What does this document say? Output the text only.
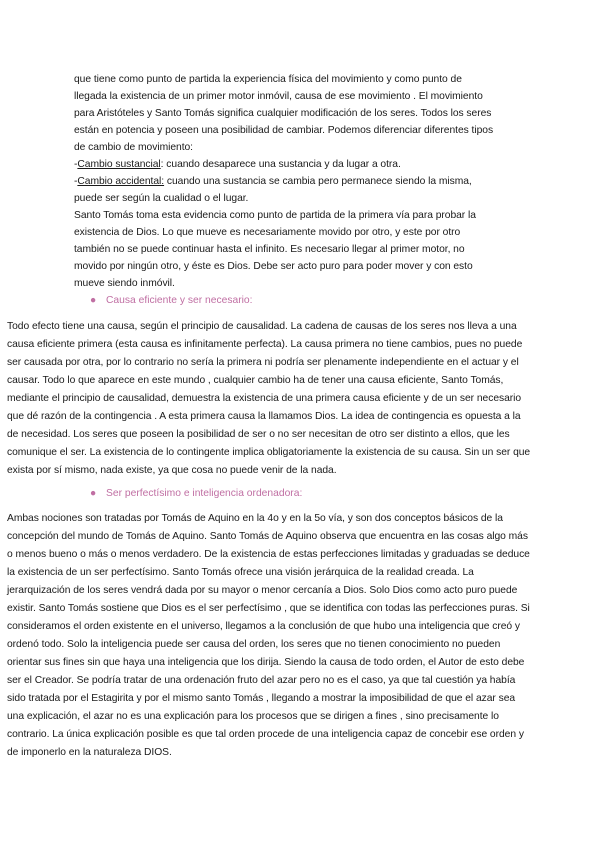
que tiene como punto de partida la experiencia física del movimiento y como punto de
llegada la existencia de un primer motor inmóvil, causa de ese movimiento . El movimiento
para Aristóteles y Santo Tomás significa cualquier modificación de los seres. Todos los seres
están en potencia y poseen una posibilidad de cambiar. Podemos diferenciar diferentes tipos
de cambio de movimiento:
-Cambio sustancial: cuando desaparece una sustancia y da lugar a otra.
-Cambio accidental: cuando una sustancia se cambia pero permanece siendo la misma,
puede ser según la cualidad o el lugar.
Santo Tomás toma esta evidencia como punto de partida de la primera vía para probar la
existencia de Dios. Lo que mueve es necesariamente movido por otro, y este por otro
también no se puede continuar hasta el infinito. Es necesario llegar al primer motor, no
movido por ningún otro, y éste es Dios. Debe ser acto puro para poder mover y con esto
mueve siendo inmóvil.
● Causa eficiente y ser necesario:
Todo efecto tiene una causa, según el principio de causalidad. La cadena de causas de los seres nos lleva a una
causa eficiente primera (esta causa es infinitamente perfecta). La causa primera no tiene cambios, pues no puede
ser causada por otra, por lo contrario no sería la primera ni podría ser plenamente independiente en el actuar y el
causar. Todo lo que aparece en este mundo , cualquier cambio ha de tener una causa eficiente, Santo Tomás,
mediante el principio de causalidad, demuestra la existencia de una primera causa eficiente y de un ser necesario
que dé razón de la contingencia . A esta primera causa la llamamos Dios. La idea de contingencia es opuesta a la
de necesidad. Los seres que poseen la posibilidad de ser o no ser necesitan de otro ser distinto a ellos, que les
comunique el ser. La existencia de lo contingente implica obligatoriamente la existencia de su causa. Sin un ser que
exista por sí mismo, nada existe, ya que cosa no puede venir de la nada.
● Ser perfectísimo e inteligencia ordenadora:
Ambas nociones son tratadas por Tomás de Aquino en la 4o y en la 5o vía, y son dos conceptos básicos de la
concepción del mundo de Tomás de Aquino. Santo Tomás de Aquino observa que encuentra en las cosas algo más
o menos bueno o más o menos verdadero. De la existencia de estas perfecciones limitadas y graduadas se deduce
la existencia de un ser perfectísimo. Santo Tomás ofrece una visión jerárquica de la realidad creada. La
jerarquización de los seres vendrá dada por su mayor o menor cercanía a Dios. Solo Dios como acto puro puede
existir. Santo Tomás sostiene que Dios es el ser perfectísimo , que se identifica con todas las perfecciones puras. Si
consideramos el orden existente en el universo, llegamos a la conclusión de que hubo una inteligencia que creó y
ordenó todo. Solo la inteligencia puede ser causa del orden, los seres que no tienen conocimiento no pueden
orientar sus fines sin que haya una inteligencia que los dirija. Siendo la causa de todo orden, el Autor de esto debe
ser el Creador. Se podría tratar de una ordenación fruto del azar pero no es el caso, ya que tal cuestión ya había
sido tratada por el Estagirita y por el mismo santo Tomás , llegando a mostrar la imposibilidad de que el azar sea
una explicación, el azar no es una explicación para los procesos que se dirigen a fines , sino precisamente lo
contrario. La única explicación posible es que tal orden procede de una inteligencia capaz de concebir ese orden y
de imponerlo en la naturaleza DIOS.
